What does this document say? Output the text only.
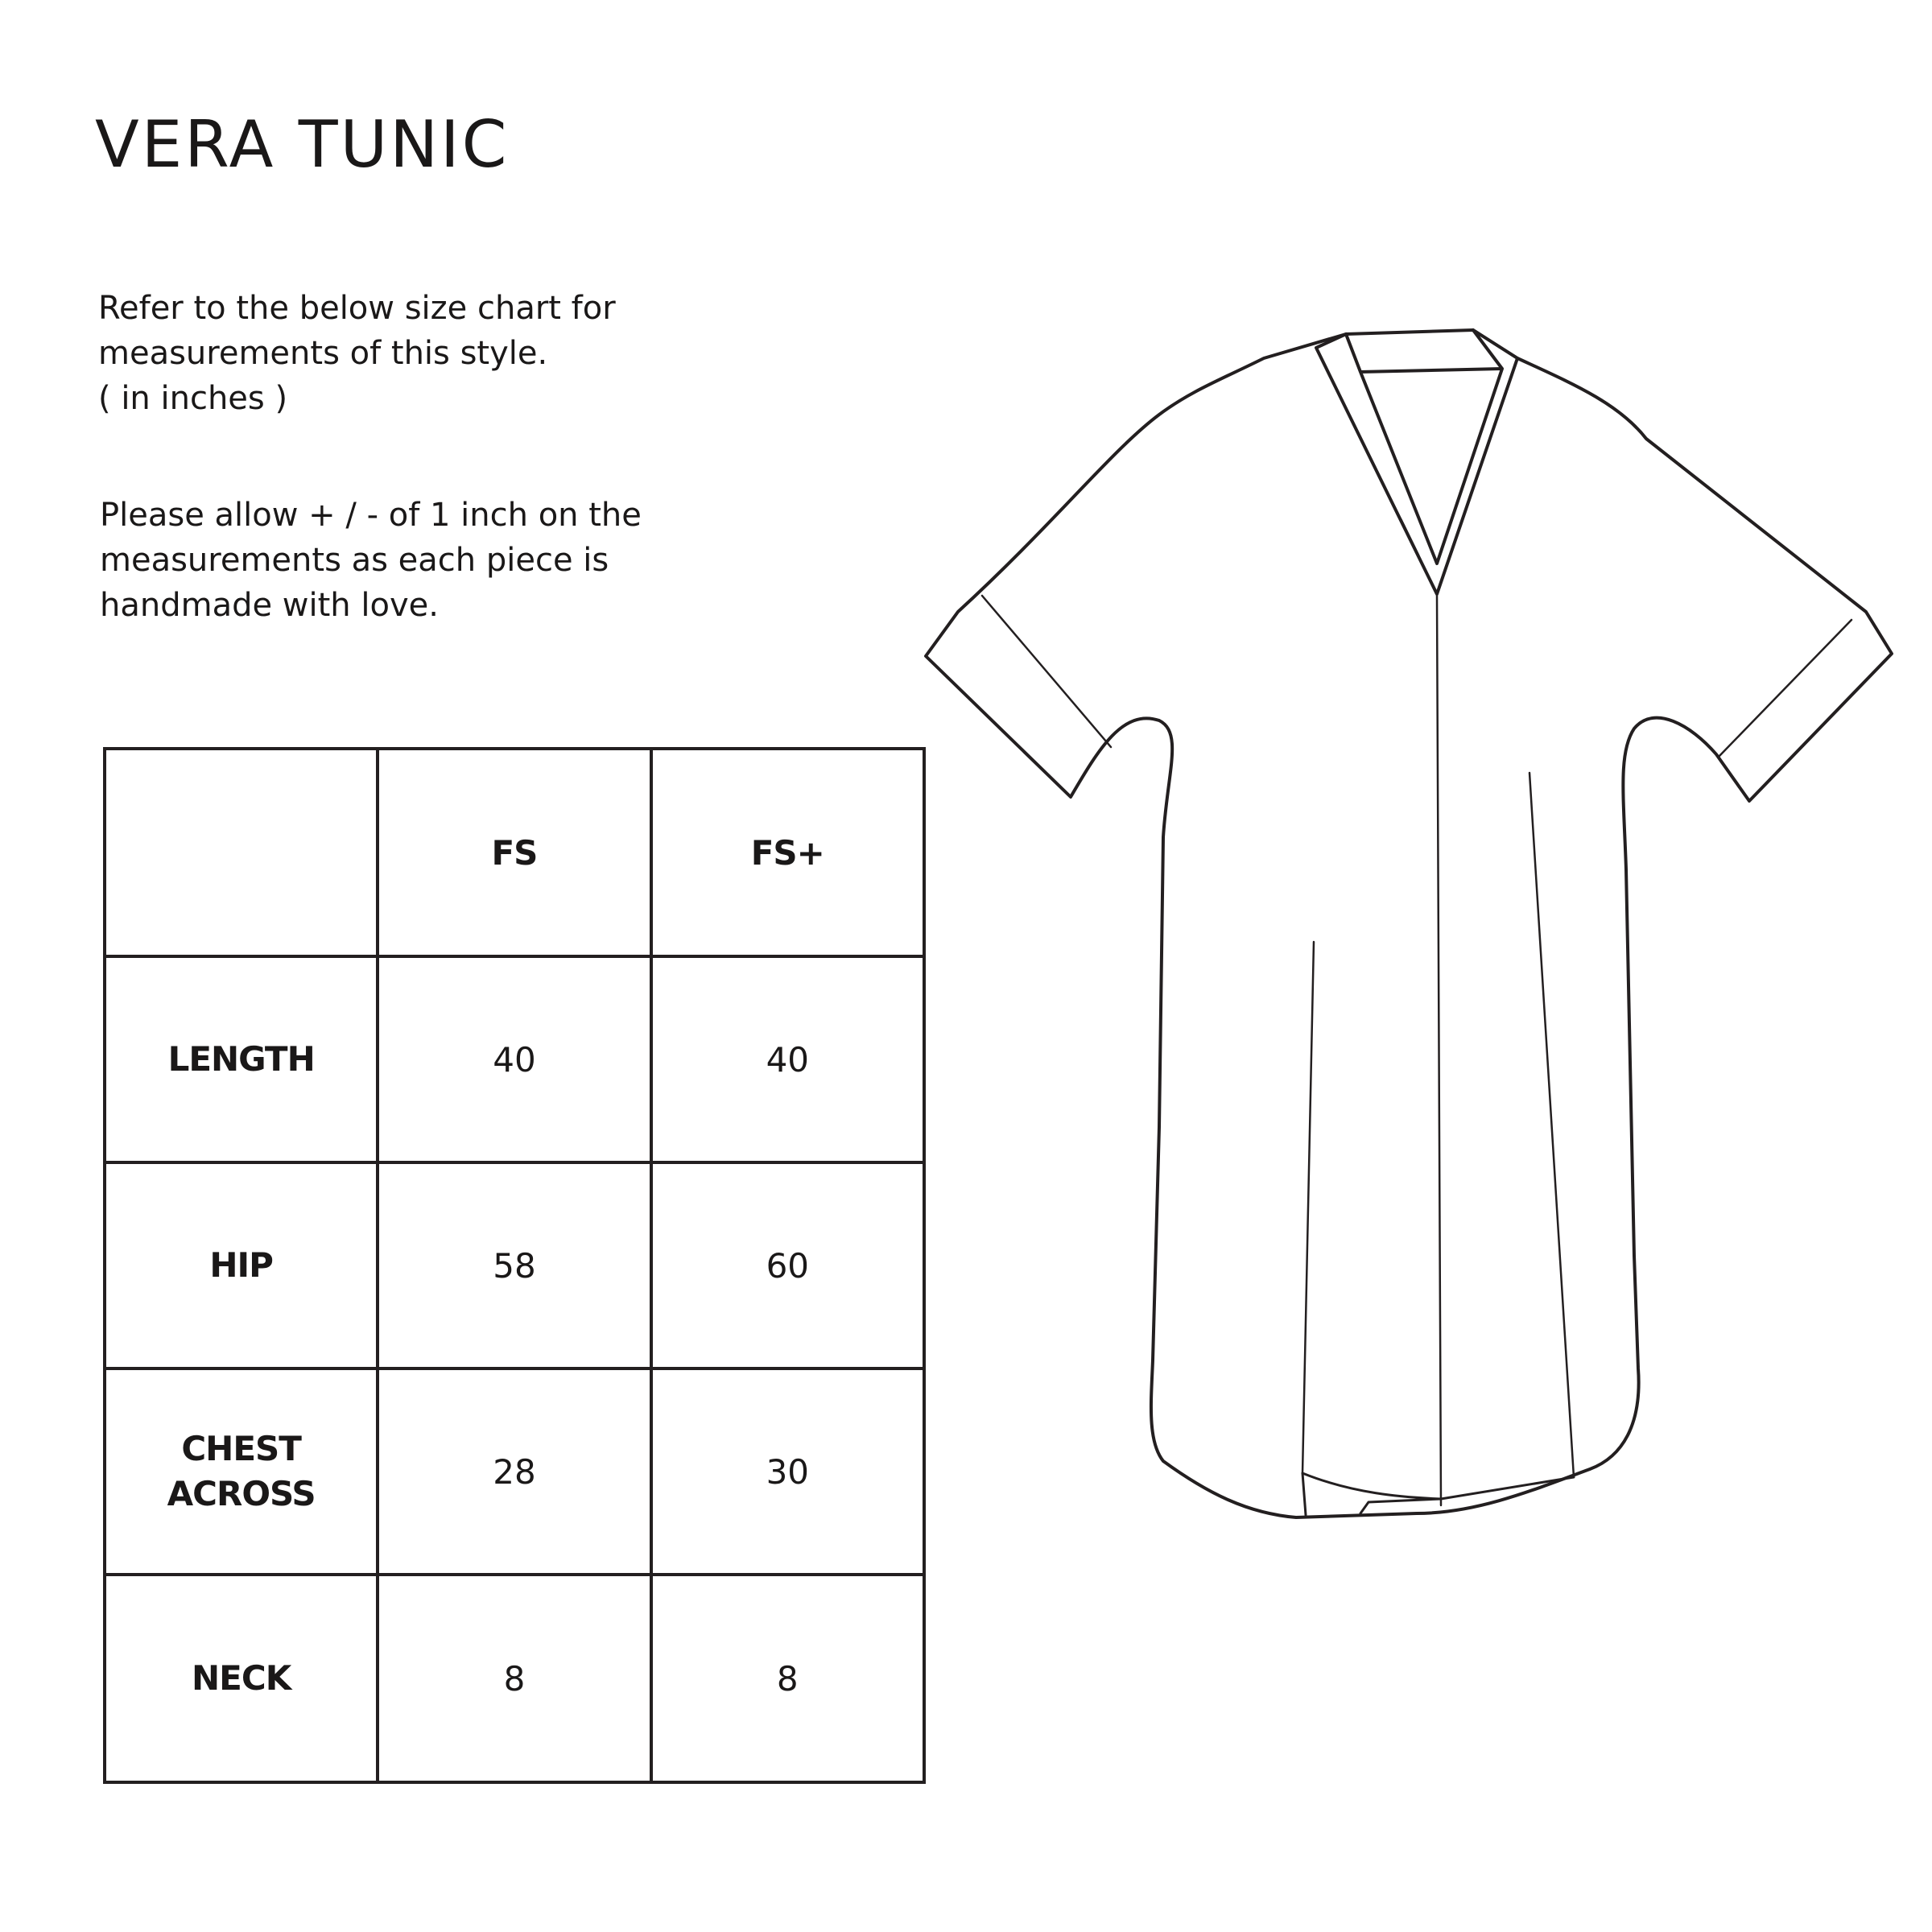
VERA TUNIC

Refer to the below size chart for
measurements of this style.
( in inches )

Please allow + / - of 1 inch on the
measurements as each piece is
handmade with love.

	FS	FS+

LENGTH	40	40

HIP	58	60

CHEST
ACROSS	28	30

NECK	8	8
